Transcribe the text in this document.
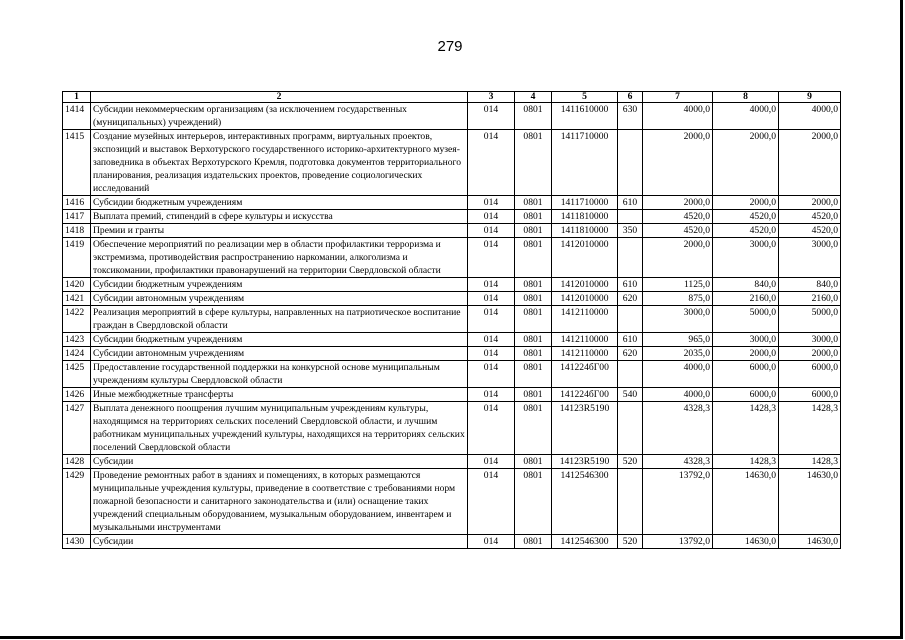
279
1	2	3	4	5	6	7	8	9
1414	Субсидии некоммерческим организациям (за исключением государственных (муниципальных) учреждений)	014	0801	1411610000	630	4000,0	4000,0	4000,0
1415	Создание музейных интерьеров, интерактивных программ, виртуальных проектов, экспозиций и выставок Верхотурского государственного историко-архитектурного музея-заповедника в объектах Верхотурского Кремля, подготовка документов территориального планирования, реализация издательских проектов, проведение социологических исследований	014	0801	1411710000		2000,0	2000,0	2000,0
1416	Субсидии бюджетным учреждениям	014	0801	1411710000	610	2000,0	2000,0	2000,0
1417	Выплата премий, стипендий в сфере культуры и искусства	014	0801	1411810000		4520,0	4520,0	4520,0
1418	Премии и гранты	014	0801	1411810000	350	4520,0	4520,0	4520,0
1419	Обеспечение мероприятий по реализации мер в области профилактики терроризма и экстремизма, противодействия распространению наркомании, алкоголизма и токсикомании, профилактики правонарушений на территории Свердловской области	014	0801	1412010000		2000,0	3000,0	3000,0
1420	Субсидии бюджетным учреждениям	014	0801	1412010000	610	1125,0	840,0	840,0
1421	Субсидии автономным учреждениям	014	0801	1412010000	620	875,0	2160,0	2160,0
1422	Реализация мероприятий в сфере культуры, направленных на патриотическое воспитание граждан в Свердловской области	014	0801	1412110000		3000,0	5000,0	5000,0
1423	Субсидии бюджетным учреждениям	014	0801	1412110000	610	965,0	3000,0	3000,0
1424	Субсидии автономным учреждениям	014	0801	1412110000	620	2035,0	2000,0	2000,0
1425	Предоставление государственной поддержки на конкурсной основе муниципальным учреждениям культуры Свердловской области	014	0801	141224бГ00		4000,0	6000,0	6000,0
1426	Иные межбюджетные трансферты	014	0801	141224бГ00	540	4000,0	6000,0	6000,0
1427	Выплата денежного поощрения лучшим муниципальным учреждениям культуры, находящимся на территориях сельских поселений Свердловской области, и лучшим работникам муниципальных учреждений культуры, находящихся на территориях сельских поселений Свердловской области	014	0801	14123R5190		4328,3	1428,3	1428,3
1428	Субсидии	014	0801	14123R5190	520	4328,3	1428,3	1428,3
1429	Проведение ремонтных работ в зданиях и помещениях, в которых размещаются муниципальные учреждения культуры, приведение в соответствие с требованиями норм пожарной безопасности и санитарного законодательства и (или) оснащение таких учреждений специальным оборудованием, музыкальным оборудованием, инвентарем и музыкальными инструментами	014	0801	1412546300		13792,0	14630,0	14630,0
1430	Субсидии	014	0801	1412546300	520	13792,0	14630,0	14630,0
